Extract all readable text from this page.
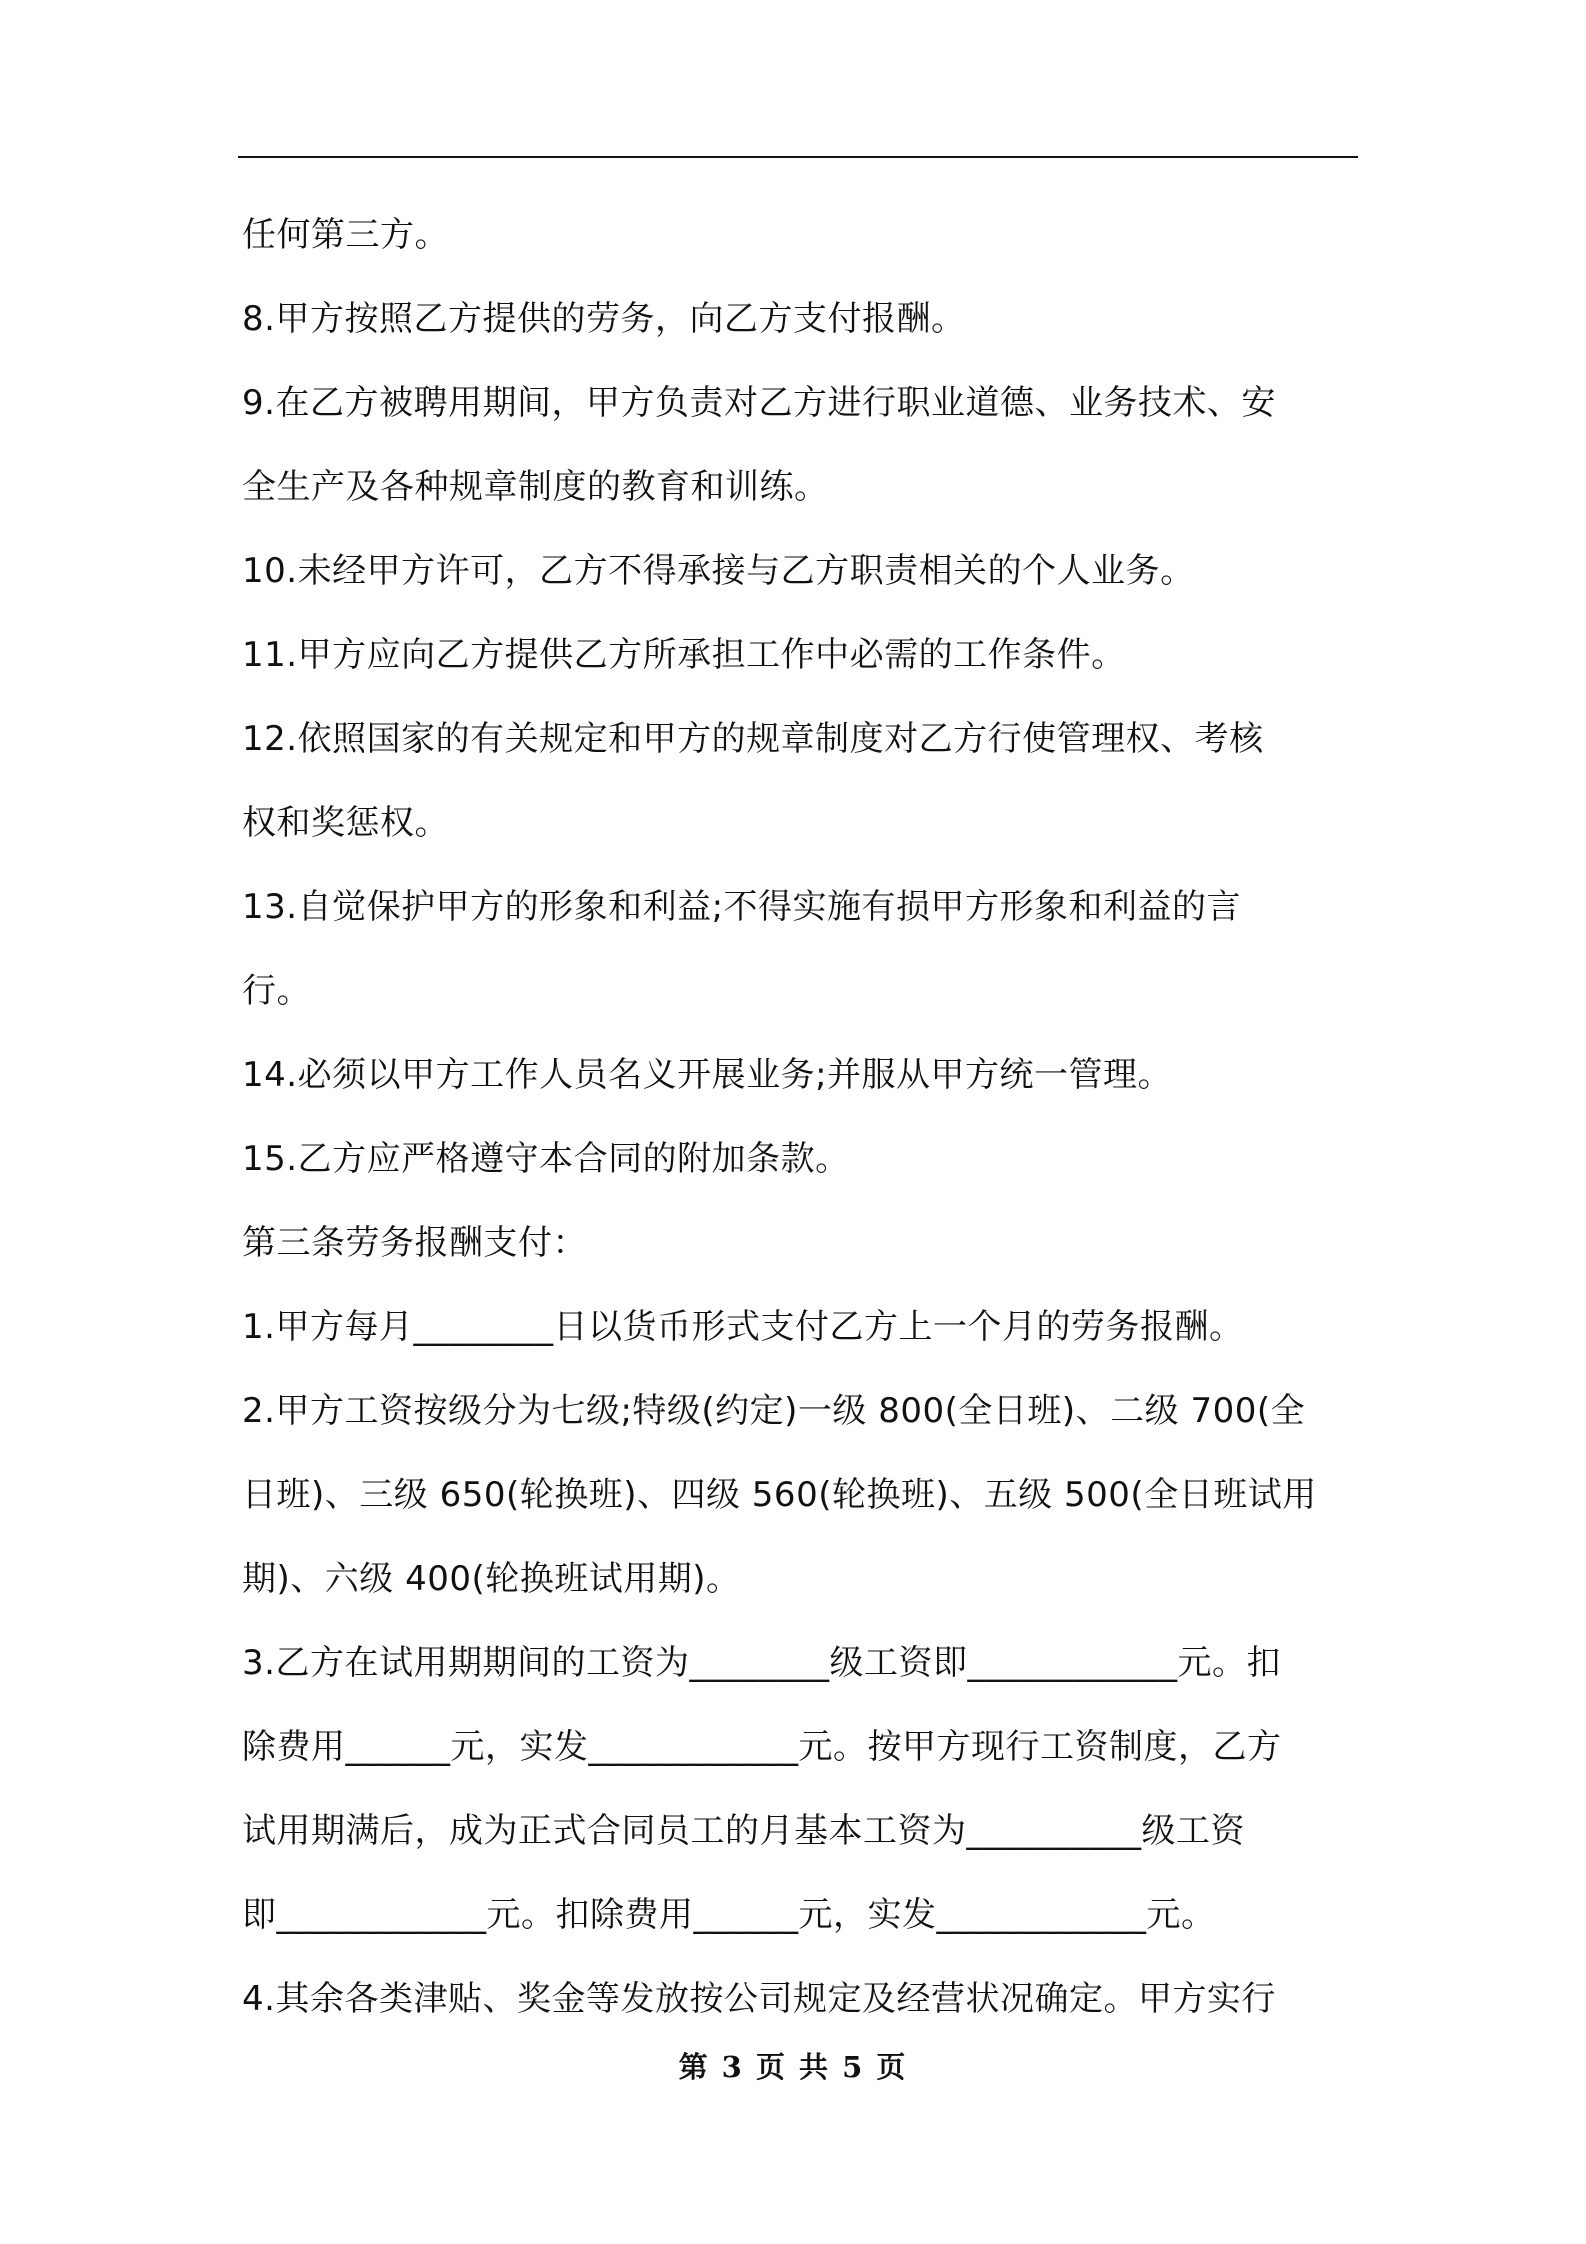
任何第三方。

8.甲方按照乙方提供的劳务，向乙方支付报酬。

9.在乙方被聘用期间，甲方负责对乙方进行职业道德、业务技术、安

全生产及各种规章制度的教育和训练。

10.未经甲方许可，乙方不得承接与乙方职责相关的个人业务。

11.甲方应向乙方提供乙方所承担工作中必需的工作条件。

12.依照国家的有关规定和甲方的规章制度对乙方行使管理权、考核

权和奖惩权。

13.自觉保护甲方的形象和利益;不得实施有损甲方形象和利益的言

行。

14.必须以甲方工作人员名义开展业务;并服从甲方统一管理。

15.乙方应严格遵守本合同的附加条款。

第三条劳务报酬支付：

1.甲方每月________日以货币形式支付乙方上一个月的劳务报酬。

2.甲方工资按级分为七级;特级(约定)一级 800(全日班)、二级 700(全

日班)、三级 650(轮换班)、四级 560(轮换班)、五级 500(全日班试用

期)、六级 400(轮换班试用期)。

3.乙方在试用期期间的工资为________级工资即____________元。扣

除费用______元，实发____________元。按甲方现行工资制度，乙方

试用期满后，成为正式合同员工的月基本工资为__________级工资

即____________元。扣除费用______元，实发____________元。

4.其余各类津贴、奖金等发放按公司规定及经营状况确定。甲方实行

第 3 页 共 5 页
